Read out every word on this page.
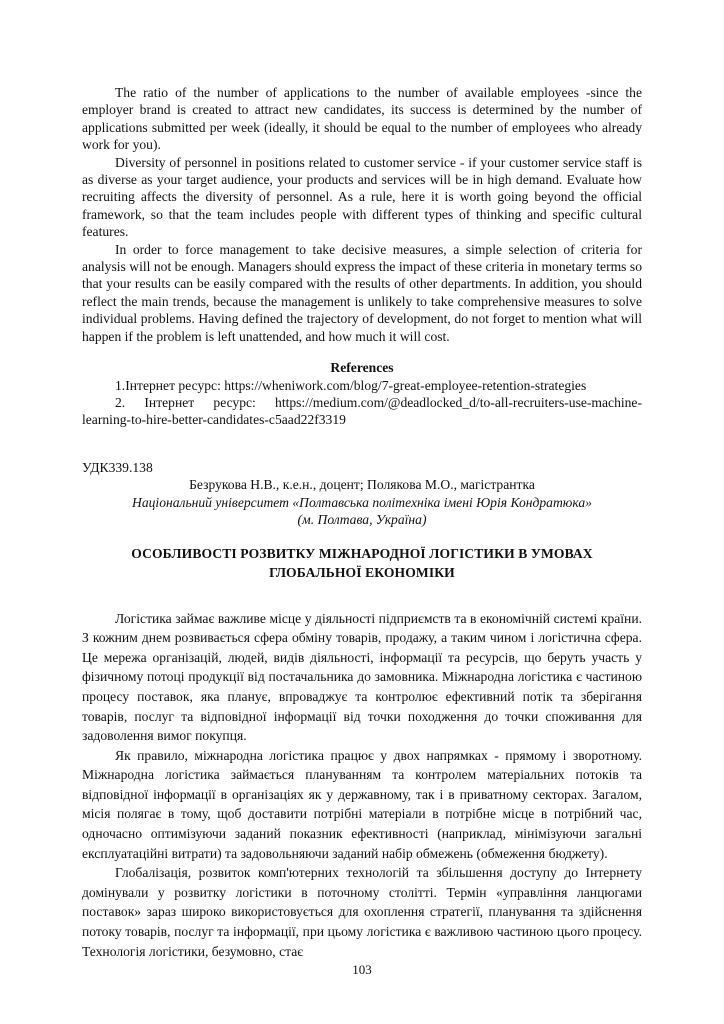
The ratio of the number of applications to the number of available employees -since the employer brand is created to attract new candidates, its success is determined by the number of applications submitted per week (ideally, it should be equal to the number of employees who already work for you).

Diversity of personnel in positions related to customer service - if your customer service staff is as diverse as your target audience, your products and services will be in high demand. Evaluate how recruiting affects the diversity of personnel. As a rule, here it is worth going beyond the official framework, so that the team includes people with different types of thinking and specific cultural features.

In order to force management to take decisive measures, a simple selection of criteria for analysis will not be enough. Managers should express the impact of these criteria in monetary terms so that your results can be easily compared with the results of other departments. In addition, you should reflect the main trends, because the management is unlikely to take comprehensive measures to solve individual problems. Having defined the trajectory of development, do not forget to mention what will happen if the problem is left unattended, and how much it will cost.

References

1.Інтернет ресурс: https://wheniwork.com/blog/7-great-employee-retention-strategies

2. Інтернет ресурс: https://medium.com/@deadlocked_d/to-all-recruiters-use-machine-learning-to-hire-better-candidates-c5aad22f3319

УДК339.138
Безрукова Н.В., к.е.н., доцент; Полякова М.О., магістрантка
Національний університет «Полтавська політехніка імені Юрія Кондратюка»
(м. Полтава, Україна)
ОСОБЛИВОСТІ РОЗВИТКУ МІЖНАРОДНОЇ ЛОГІСТИКИ В УМОВАХ
ГЛОБАЛЬНОЇ ЕКОНОМІКИ

Логістика займає важливе місце у діяльності підприємств та в економічній системі країни. З кожним днем розвивається сфера обміну товарів, продажу, а таким чином і логістична сфера. Це мережа організацій, людей, видів діяльності, інформації та ресурсів, що беруть участь у фізичному потоці продукції від постачальника до замовника. Міжнародна логістика є частиною процесу поставок, яка планує, впроваджує та контролює ефективний потік та зберігання товарів, послуг та відповідної інформації від точки походження до точки споживання для задоволення вимог покупця.

Як правило, міжнародна логістика працює у двох напрямках - прямому і зворотному. Міжнародна логістика займається плануванням та контролем матеріальних потоків та відповідної інформації в організаціях як у державному, так і в приватному секторах. Загалом, місія полягає в тому, щоб доставити потрібні матеріали в потрібне місце в потрібний час, одночасно оптимізуючи заданий показник ефективності (наприклад, мінімізуючи загальні експлуатаційні витрати) та задовольняючи заданий набір обмежень (обмеження бюджету).

Глобалізація, розвиток комп'ютерних технологій та збільшення доступу до Інтернету домінували у розвитку логістики в поточному столітті. Термін «управління ланцюгами поставок» зараз широко використовується для охоплення стратегії, планування та здійснення потоку товарів, послуг та інформації, при цьому логістика є важливою частиною цього процесу. Технологія логістики, безумовно, стає

103
